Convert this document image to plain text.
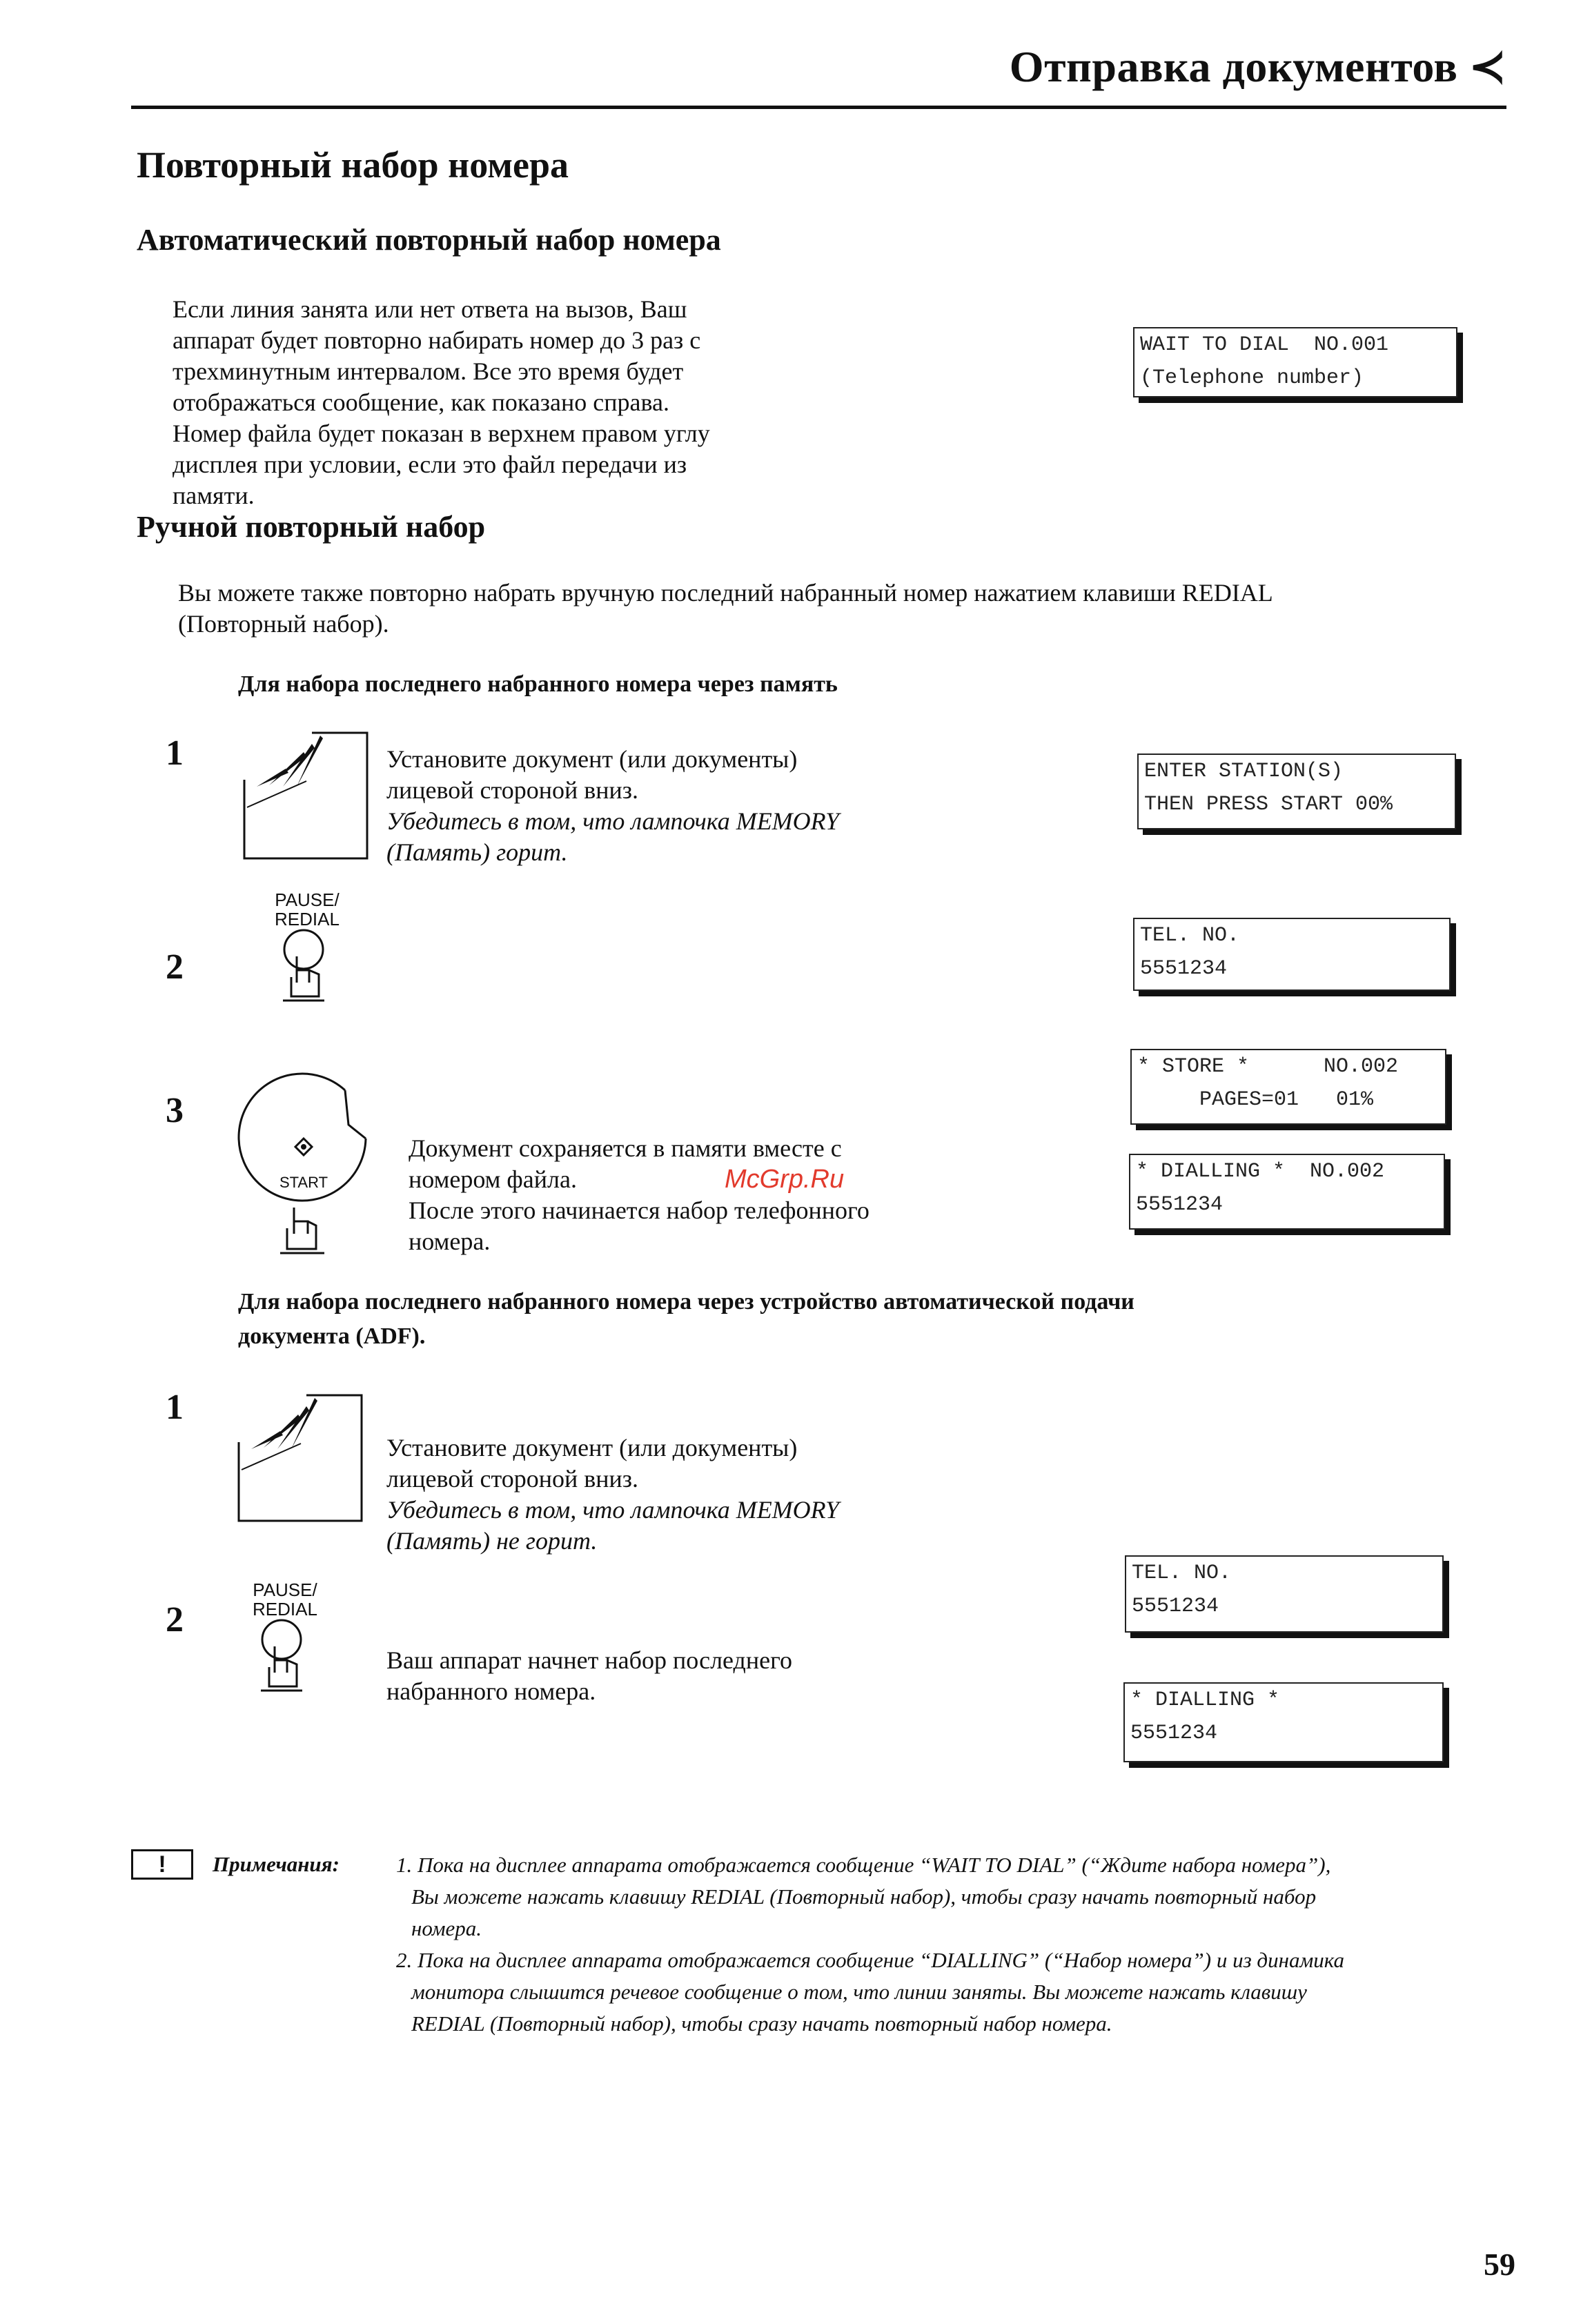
Отправка документов ≺
Повторный набор номера
Автоматический повторный набор номера
Если линия занята или нет ответа на вызов, Ваш
аппарат будет повторно набирать номер до 3 раз с
трехминутным интервалом. Все это время будет
отображаться сообщение, как показано справа.
Номер файла будет показан в верхнем правом углу
дисплея при условии, если это файл передачи из
памяти.
WAIT TO DIAL  NO.001
(Telephone number)
Ручной повторный набор
Вы можете также повторно набрать вручную последний набранный номер нажатием клавиши REDIAL
(Повторный набор).
Для набора последнего набранного номера через память
1	Установите документ (или документы)
лицевой стороной вниз.
Убедитесь в том, что лампочка MEMORY
(Память) горит.
ENTER STATION(S)
THEN PRESS START 00%
PAUSE/
REDIAL
2
TEL. NO.
5551234
3
START
Документ сохраняется в памяти вместе с
номером файла.
После этого начинается набор телефонного
номера.
McGrp.Ru
* STORE *      NO.002
PAGES=01   01%
* DIALLING *  NO.002
5551234
Для набора последнего набранного номера через устройство автоматической подачи
документа (ADF).
1
Установите документ (или документы)
лицевой стороной вниз.
Убедитесь в том, что лампочка MEMORY
(Память) не горит.
PAUSE/
REDIAL
2
Ваш аппарат начнет набор последнего
набранного номера.
TEL. NO.
5551234
* DIALLING *
5551234
!	Примечания:	1. Пока на дисплее аппарата отображается сообщение “WAIT TO DIAL” (“Ждите набора номера”),
Вы можете нажать клавишу REDIAL (Повторный набор), чтобы сразу начать повторный набор
номера.
2. Пока на дисплее аппарата отображается сообщение “DIALLING” (“Набор номера”) и из динамика
монитора слышится речевое сообщение о том, что линии заняты. Вы можете нажать клавишу
REDIAL (Повторный набор), чтобы сразу начать повторный набор номера.
59
